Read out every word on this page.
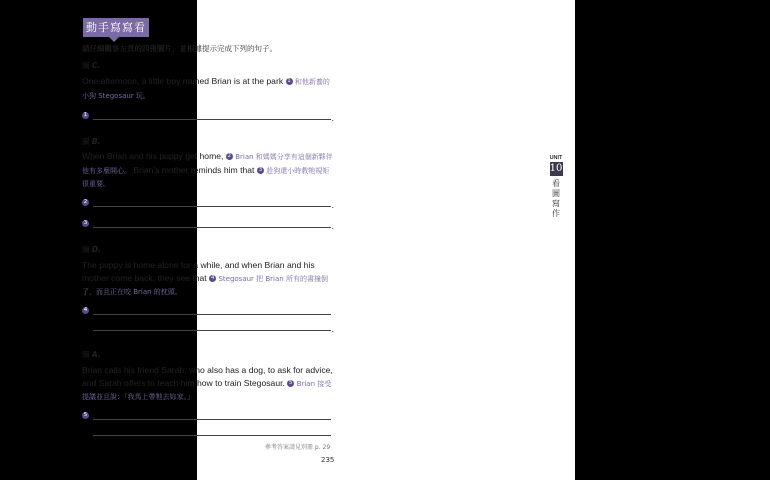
動手寫寫看
請仔細觀察左頁的四張圖片，並根據提示完成下列的句子。
圖 C.
One afternoon, a little boy named Brian is at the park 1 和他新養的小狗 Stegosaur 玩。
1	.
圖 B.
When Brian and his puppy get home, 2 Brian 和媽媽分享有這個新夥伴他有多麼開心。 Brian's mother reminds him that 3 趁狗還小時教牠規矩很重要。
2	.
3	.
圖 D.
The puppy is home alone for a while, and when Brian and his mother come back, they see that 4 Stegosaur 把 Brian 所有的書撞倒了，而且正在咬 Brian 的枕頭。
4
.
圖 A.
Brian calls his friend Sarah, who also has a dog, to ask for advice, and Sarah offers to teach him how to train Stegosaur. 5 Brian 接受提議並且說：「我馬上帶牠去妳家。」
5
參考答案請見別冊 p. 29
235
UNIT
10
看
圖
寫
作
